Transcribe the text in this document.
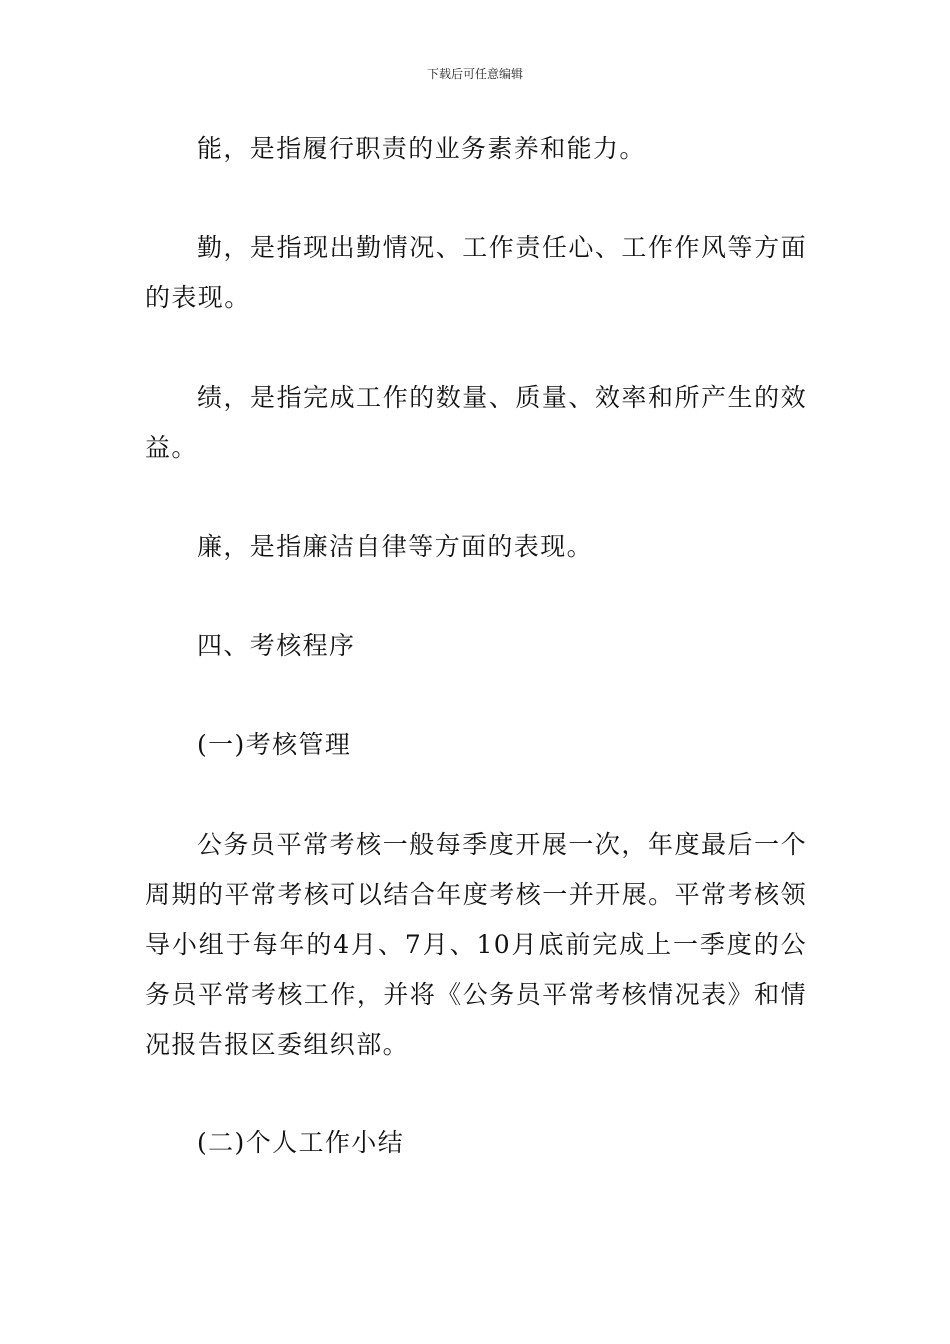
下载后可任意编辑

能，是指履行职责的业务素养和能力。

勤，是指现出勤情况、工作责任心、工作作风等方面的表现。

绩，是指完成工作的数量、质量、效率和所产生的效益。

廉，是指廉洁自律等方面的表现。

四、考核程序

(一)考核管理

公务员平常考核一般每季度开展一次，年度最后一个周期的平常考核可以结合年度考核一并开展。平常考核领导小组于每年的4月、7月、10月底前完成上一季度的公务员平常考核工作，并将《公务员平常考核情况表》和情况报告报区委组织部。

(二)个人工作小结
